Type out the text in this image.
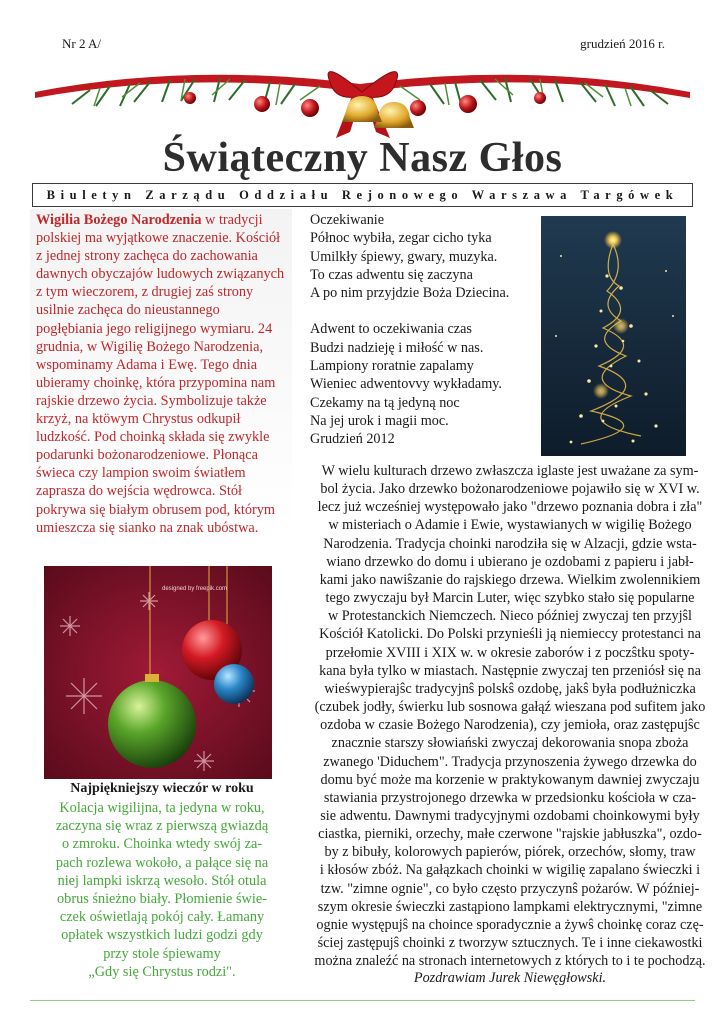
Nr 2 A/	grudzień 2016 r.
Świąteczny Nasz Głos
Biuletyn Zarządu Oddziału Rejonowego Warszawa Targówek
Wigilia Bożego Narodzenia w tradycji polskiej ma wyjątkowe znaczenie. Kościół z jednej strony zachęca do zachowania dawnych obyczajów ludowych związanych z tym wieczorem, z drugiej zaś strony usilnie zachęca do nieustannego pogłębiania jego religijnego wymiaru. 24 grudnia, w Wigilię Bożego Narodzenia, wspominamy Adama i Ewę. Tego dnia ubieramy choinkę, która przypomina nam rajskie drzewo życia. Symbolizuje także krzyż, na ktöwym Chrystus odkupił ludzkość. Pod choinką składa się zwykle podarunki bożonarodzeniowe. Płonąca świeca czy lampion swoim światłem zaprasza do wejścia wędrowca. Stół pokrywa się białym obrusem pod, którym umieszcza się sianko na znak ubóstwa.
designed by freepik.com
Najpiękniejszy wieczór w roku
Kolacja wigilijna, ta jedyna w roku,
zaczyna się wraz z pierwszą gwiazdą
o zmroku. Choinka wtedy swój za-
pach rozlewa wokoło, a pałące się na
niej lampki iskrzą wesoło. Stół otula
obrus śnieżno biały. Płomienie świe-
czek oświetlają pokój cały. Łamany
opłatek wszystkich ludzi godzi gdy
przy stole śpiewamy
„Gdy się Chrystus rodzi".
Oczekiwanie
Północ wybiła, zegar cicho tyka
Umilkły śpiewy, gwary, muzyka.
To czas adwentu się zaczyna
A po nim przyjdzie Boża Dziecina.
Adwent to oczekiwania czas
Budzi nadzieję i miłość w nas.
Lampiony roratnie zapalamy
Wieniec adwentovvy wykładamy.
Czekamy na tą jedyną noc
Na jej urok i magii moc.
Grudzień 2012
W wielu kulturach drzewo zwłaszcza iglaste jest uważane za sym-
bol życia. Jako drzewko bożonarodzeniowe pojawiło się w XVI w.
lecz już wcześniej występowało jako "drzewo poznania dobra i zła"
w misteriach o Adamie i Ewie, wystawianych w wigilię Bożego
Narodzenia. Tradycja choinki narodziła się w Alzacji, gdzie wsta-
wiano drzewko do domu i ubierano je ozdobami z papieru i jabł-
kami jako nawiŝzanie do rajskiego drzewa. Wielkim zwolennikiem
tego zwyczaju był Marcin Luter, więc szybko stało się popularne
w Protestanckich Niemczech. Nieco później zwyczaj ten przyjŝl
Kościół Katolicki. Do Polski przynieśli ją niemieccy protestanci na
przełomie XVIII i XIX w. w okresie zaborów i z poczŝtku spoty-
kana była tylko w miastach. Następnie zwyczaj ten przeniósł się na
wieśwypierajŝc tradycyjnŝ polskŝ ozdobę, jakŝ była podłużniczka
(czubek jodły, świerku lub sosnowa gałąź wieszana pod sufitem jako
ozdoba w czasie Bożego Narodzenia), czy jemioła, oraz zastępujŝc
znacznie starszy słowiański zwyczaj dekorowania snopa zboża
zwanego 'Diduchem". Tradycja przynoszenia żywego drzewka do
domu być może ma korzenie w praktykowanym dawniej zwyczaju
stawiania przystrojonego drzewka w przedsionku kościoła w cza-
sie adwentu. Dawnymi tradycyjnymi ozdobami choinkowymi były
ciastka, pierniki, orzechy, małe czerwone "rajskie jabłuszka", ozdo-
by z bibuły, kolorowych papierów, piórek, orzechów, słomy, traw
i kłosów zbóż. Na gałązkach choinki w wigilię zapalano świeczki i
tzw. "zimne ognie", co było często przyczynŝ pożarów. W później-
szym okresie świeczki zastąpiono lampkami elektrycznymi, "zimne
ognie występujŝ na choince sporadycznie a żywŝ choinkę coraz czę-
ściej zastępujŝ choinki z tworzyw sztucznych. Te i inne ciekawostki
można znaleźć na stronach internetowych z których to i te pochodzą.
Pozdrawiam Jurek Niewęgłowski.
